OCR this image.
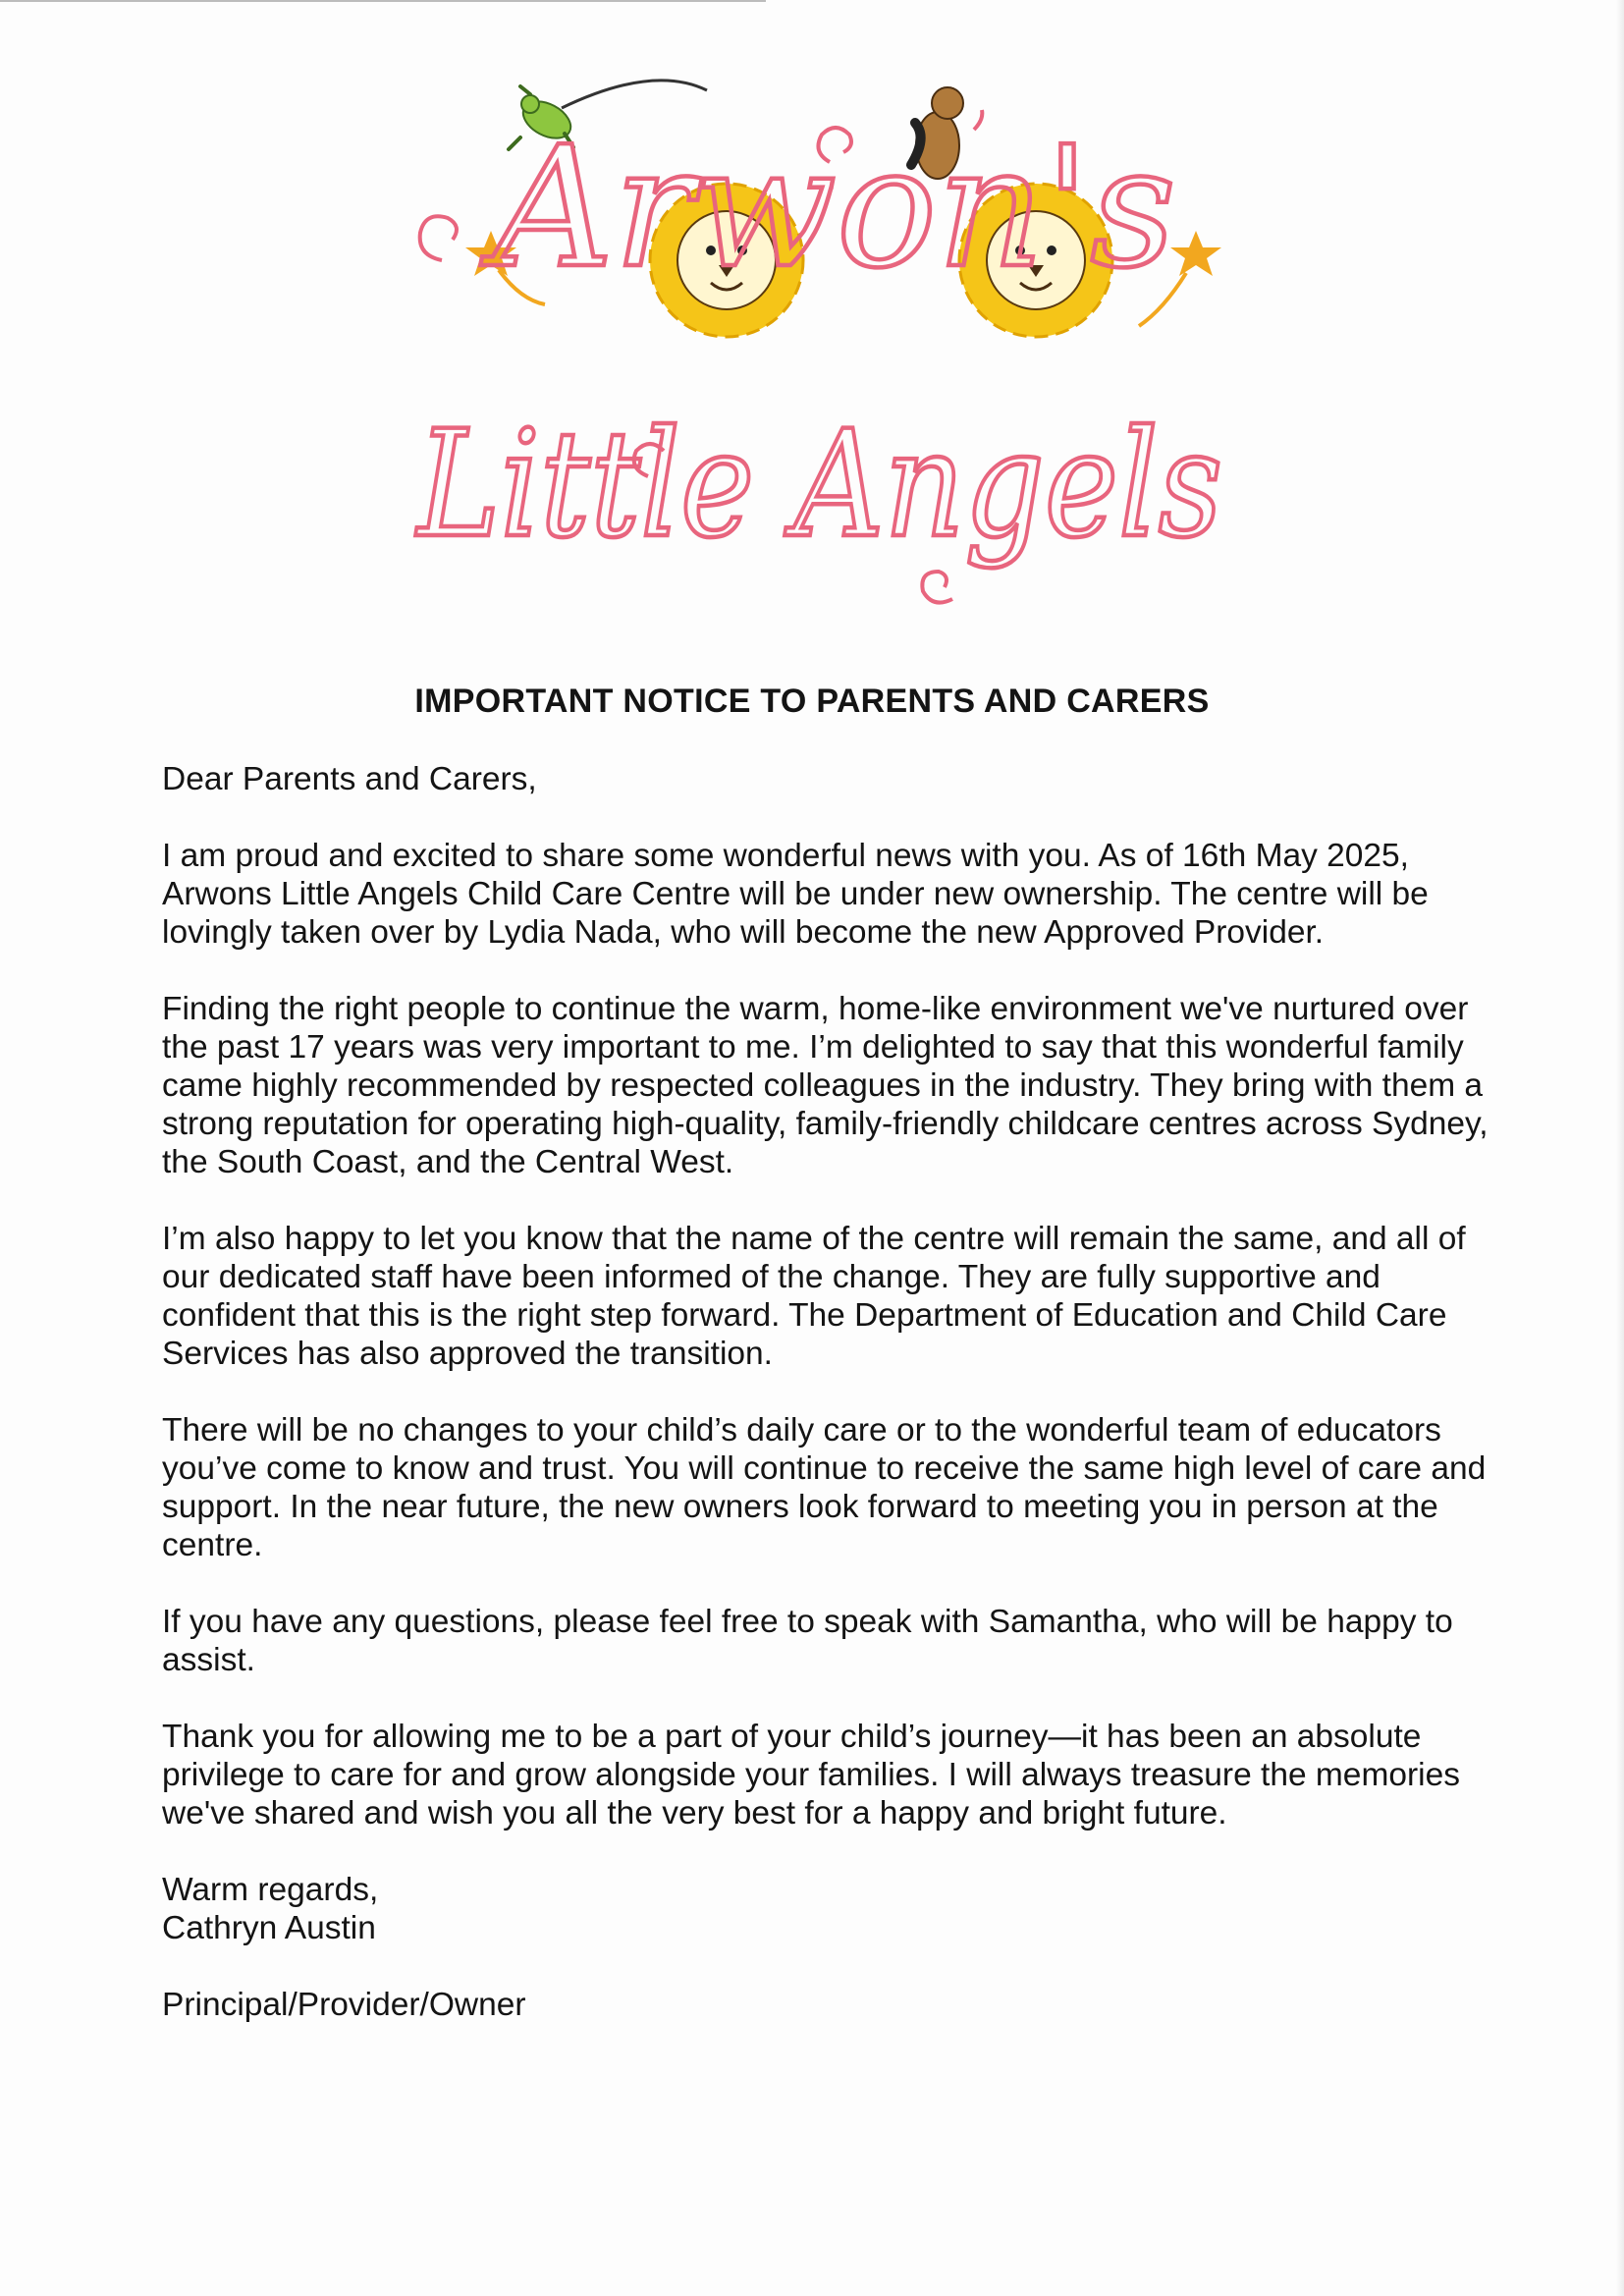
Arwon's
Little Angels
IMPORTANT NOTICE TO PARENTS AND CARERS

Dear Parents and Carers,

I am proud and excited to share some wonderful news with you. As of 16th May 2025, Arwons Little Angels Child Care Centre will be under new ownership. The centre will be lovingly taken over by Lydia Nada, who will become the new Approved Provider.

Finding the right people to continue the warm, home-like environment we've nurtured over the past 17 years was very important to me. I’m delighted to say that this wonderful family came highly recommended by respected colleagues in the industry. They bring with them a strong reputation for operating high-quality, family-friendly childcare centres across Sydney, the South Coast, and the Central West.

I’m also happy to let you know that the name of the centre will remain the same, and all of our dedicated staff have been informed of the change. They are fully supportive and confident that this is the right step forward. The Department of Education and Child Care Services has also approved the transition.

There will be no changes to your child’s daily care or to the wonderful team of educators you’ve come to know and trust. You will continue to receive the same high level of care and support. In the near future, the new owners look forward to meeting you in person at the centre.

If you have any questions, please feel free to speak with Samantha, who will be happy to assist.

Thank you for allowing me to be a part of your child’s journey—it has been an absolute privilege to care for and grow alongside your families. I will always treasure the memories we've shared and wish you all the very best for a happy and bright future.

Warm regards,

Cathryn Austin

Principal/Provider/Owner
